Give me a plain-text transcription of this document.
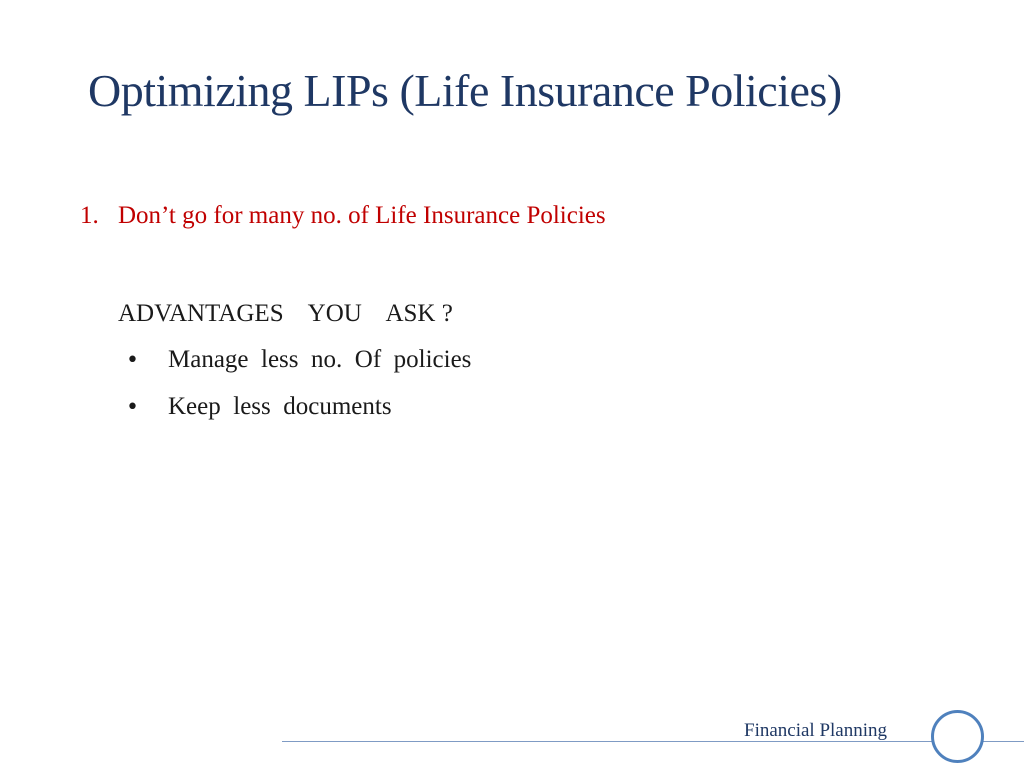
Optimizing LIPs (Life Insurance Policies)
1. Don’t go for many no. of Life Insurance Policies
ADVANTAGES    YOU    ASK ?
• Manage  less  no.  Of  policies
• Keep  less  documents
Financial Planning
